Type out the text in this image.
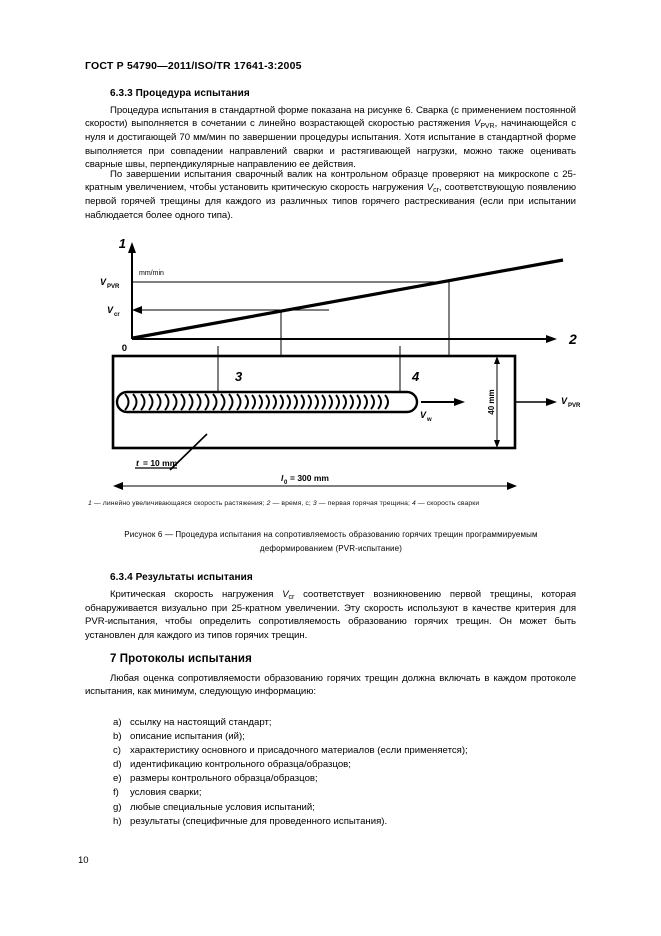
ГОСТ Р 54790—2011/ISO/TR 17641-3:2005
6.3.3 Процедура испытания

Процедура испытания в стандартной форме показана на рисунке 6. Сварка (с применением постоянной скорости) выполняется в сочетании с линейно возрастающей скоростью растяжения $V_{PVR}$, начинающейся с нуля и достигающей 70 мм/мин по завершении процедуры испытания. Хотя испытание в стандартной форме выполняется при совпадении направлений сварки и растягивающей нагрузки, можно также оценивать сварные швы, перпендикулярные направлению ее действия.

По завершении испытания сварочный валик на контрольном образце проверяют на микроскопе с 25-кратным увеличением, чтобы установить критическую скорость нагружения $V_{cr}$, соответствующую появлению первой горячей трещины для каждого из различных типов горячего растрескивания (если при испытании наблюдается более одного типа).

1
2
0
mm/min
V PVR
V cr
40 mm
t = 10 mm
l 0 = 300 mm
3	4
V w
V PVR
1 — линейно увеличивающаяся скорость растяжения; 2 — время, с; 3 — первая горячая трещина; 4 — скорость сварки
Рисунок 6 — Процедура испытания на сопротивляемость образованию горячих трещин программируемым
деформированием (PVR-испытание)
6.3.4 Результаты испытания

Критическая скорость нагружения $V_{cr}$ соответствует возникновению первой трещины, которая обнаруживается визуально при 25-кратном увеличении. Эту скорость используют в качестве критерия для PVR-испытания, чтобы определить сопротивляемость образованию горячих трещин. Он может быть установлен для каждого из типов горячих трещин.

7 Протоколы испытания

Любая оценка сопротивляемости образованию горячих трещин должна включать в каждом протоколе испытания, как минимум, следующую информацию:

a) ссылку на настоящий стандарт;
b) описание испытания (ий);
c) характеристику основного и присадочного материалов (если применяется);
d) идентификацию контрольного образца/образцов;
e) размеры контрольного образца/образцов;
f) условия сварки;
g) любые специальные условия испытаний;
h) результаты (специфичные для проведенного испытания).
10
